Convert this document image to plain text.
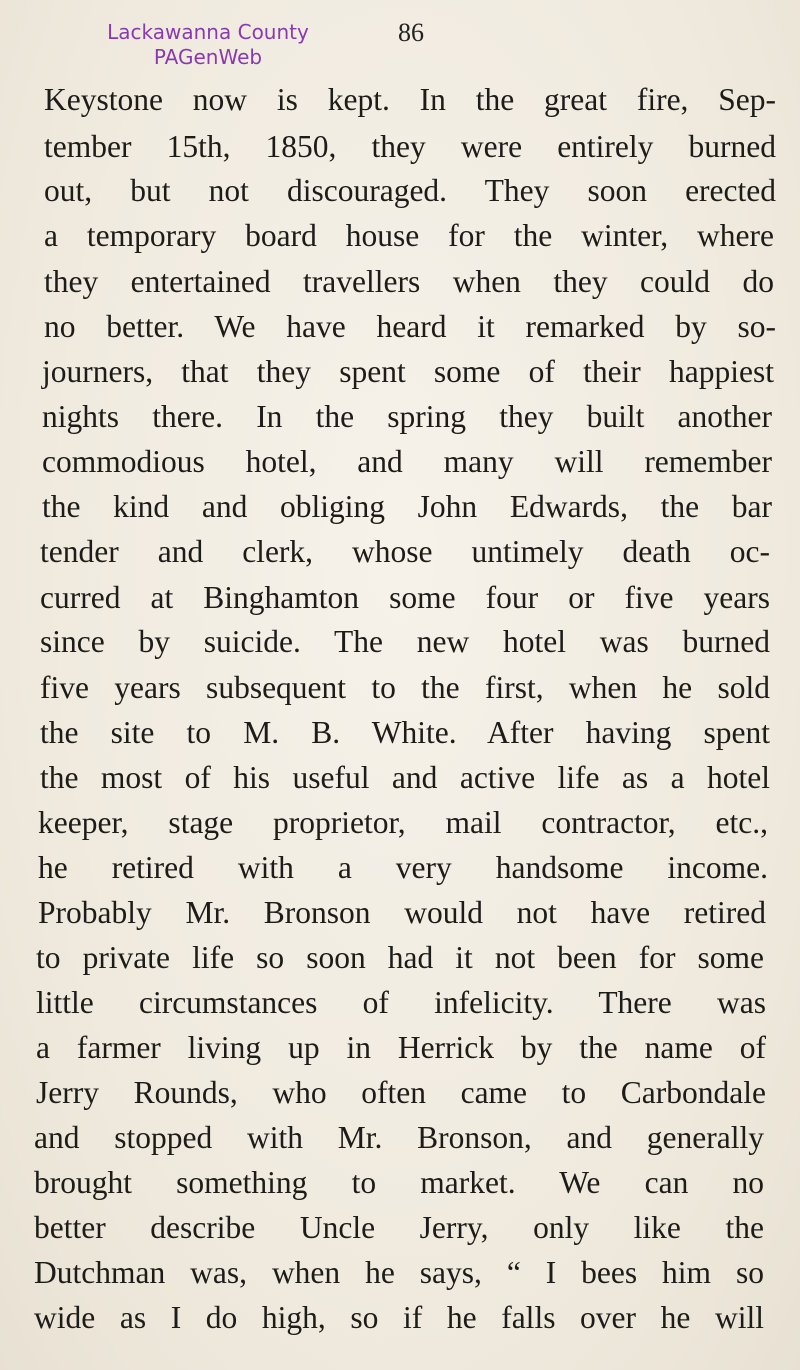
Lackawanna County
PAGenWeb
86
Keystone now is kept. In the great fire, Sep-
tember 15th, 1850, they were entirely burned
out, but not discouraged. They soon erected
a temporary board house for the winter, where
they entertained travellers when they could do
no better. We have heard it remarked by so-
journers, that they spent some of their happiest
nights there. In the spring they built another
commodious hotel, and many will remember
the kind and obliging John Edwards, the bar
tender and clerk, whose untimely death oc-
curred at Binghamton some four or five years
since by suicide. The new hotel was burned
five years subsequent to the first, when he sold
the site to M. B. White. After having spent
the most of his useful and active life as a hotel
keeper, stage proprietor, mail contractor, etc.,
he retired with a very handsome income.
Probably Mr. Bronson would not have retired
to private life so soon had it not been for some
little circumstances of infelicity. There was
a farmer living up in Herrick by the name of
Jerry Rounds, who often came to Carbondale
and stopped with Mr. Bronson, and generally
brought something to market. We can no
better describe Uncle Jerry, only like the
Dutchman was, when he says, “ I bees him so
wide as I do high, so if he falls over he will
